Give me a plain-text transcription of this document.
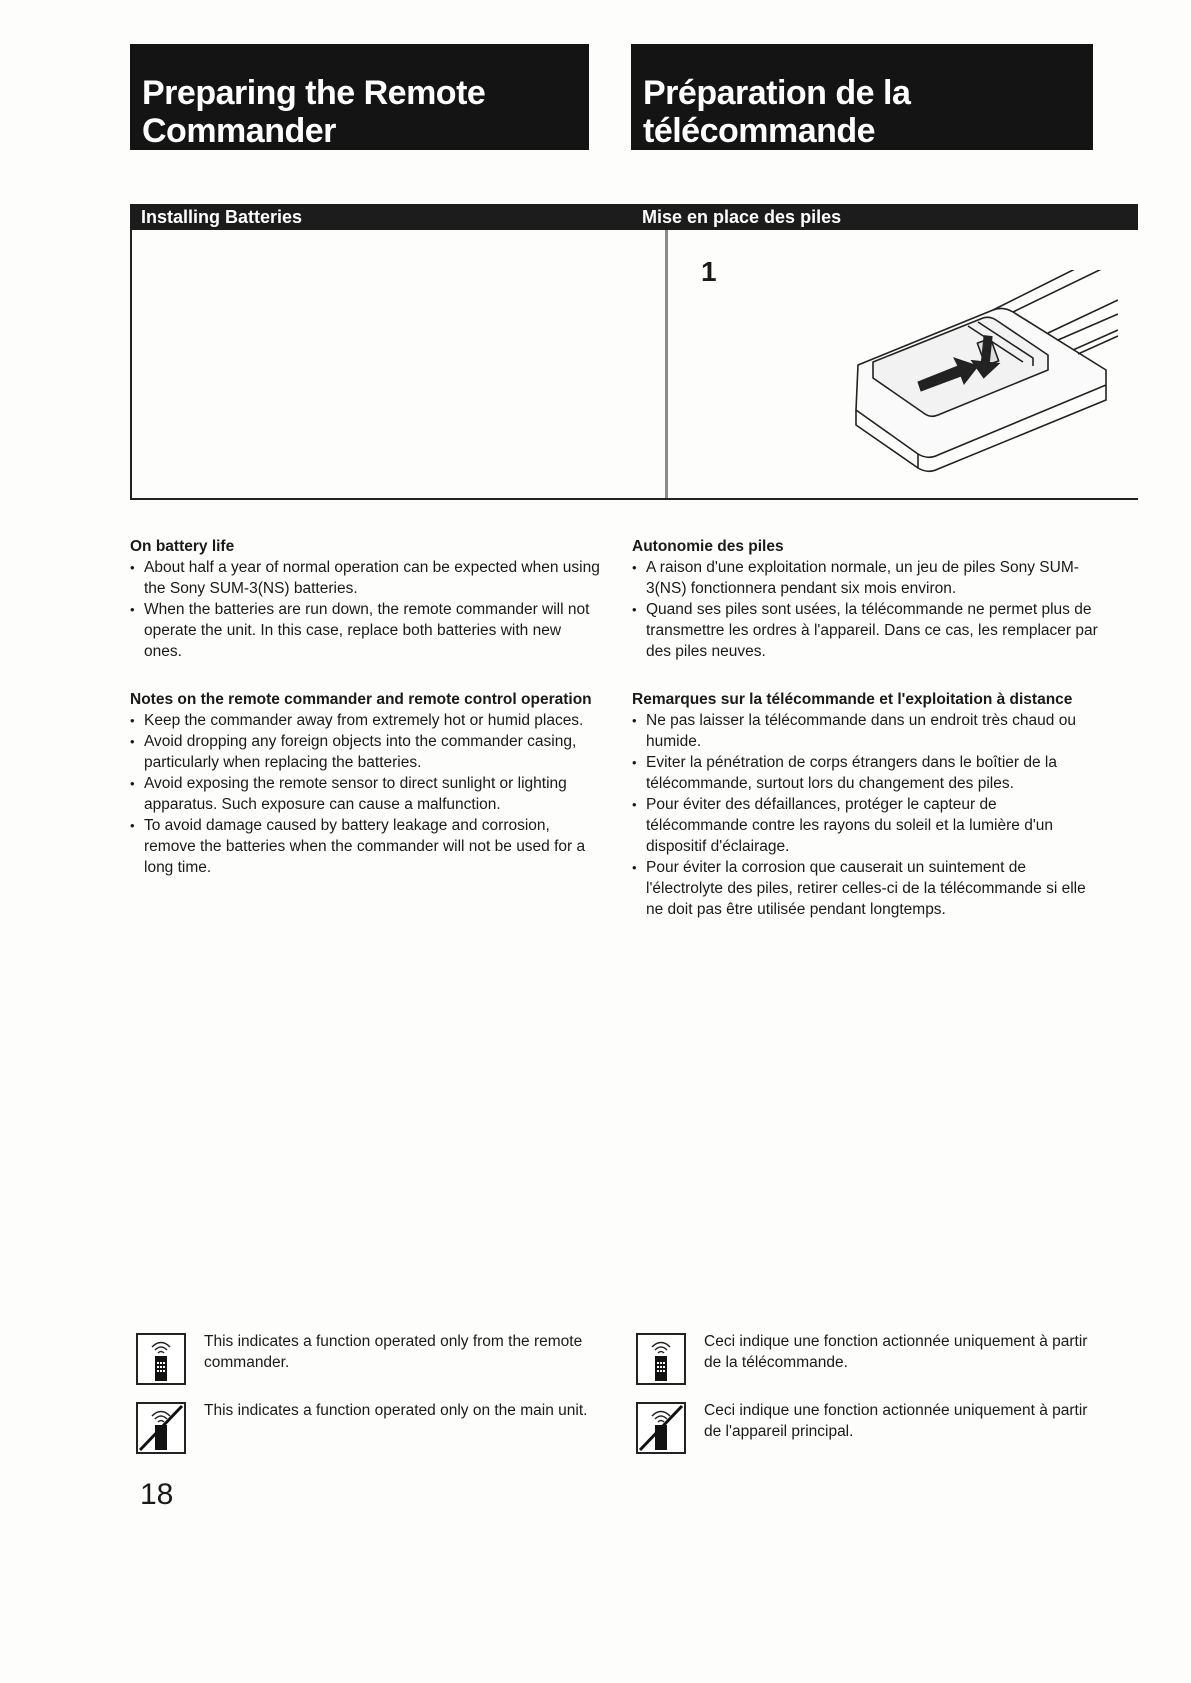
Preparing the Remote
Commander
Préparation de la
télécommande
Installing Batteries	Mise en place des piles
1
On battery life
• About half a year of normal operation can be expected when using the Sony SUM-3(NS) batteries.
• When the batteries are run down, the remote commander will not operate the unit. In this case, replace both batteries with new ones.
Autonomie des piles
• A raison d'une exploitation normale, un jeu de piles Sony SUM-3(NS) fonctionnera pendant six mois environ.
• Quand ses piles sont usées, la télécommande ne permet plus de transmettre les ordres à l'appareil. Dans ce cas, les remplacer par des piles neuves.
Notes on the remote commander and remote control operation
• Keep the commander away from extremely hot or humid places.
• Avoid dropping any foreign objects into the commander casing, particularly when replacing the batteries.
• Avoid exposing the remote sensor to direct sunlight or lighting apparatus. Such exposure can cause a malfunction.
• To avoid damage caused by battery leakage and corrosion, remove the batteries when the commander will not be used for a long time.
Remarques sur la télécommande et l'exploitation à distance
• Ne pas laisser la télécommande dans un endroit très chaud ou humide.
• Eviter la pénétration de corps étrangers dans le boîtier de la télécommande, surtout lors du changement des piles.
• Pour éviter des défaillances, protéger le capteur de télécommande contre les rayons du soleil et la lumière d'un dispositif d'éclairage.
• Pour éviter la corrosion que causerait un suintement de l'électrolyte des piles, retirer celles-ci de la télécommande si elle ne doit pas être utilisée pendant longtemps.
This indicates a function operated only from the remote commander.
This indicates a function operated only on the main unit.
Ceci indique une fonction actionnée uniquement à partir de la télécommande.
Ceci indique une fonction actionnée uniquement à partir de l'appareil principal.
18
